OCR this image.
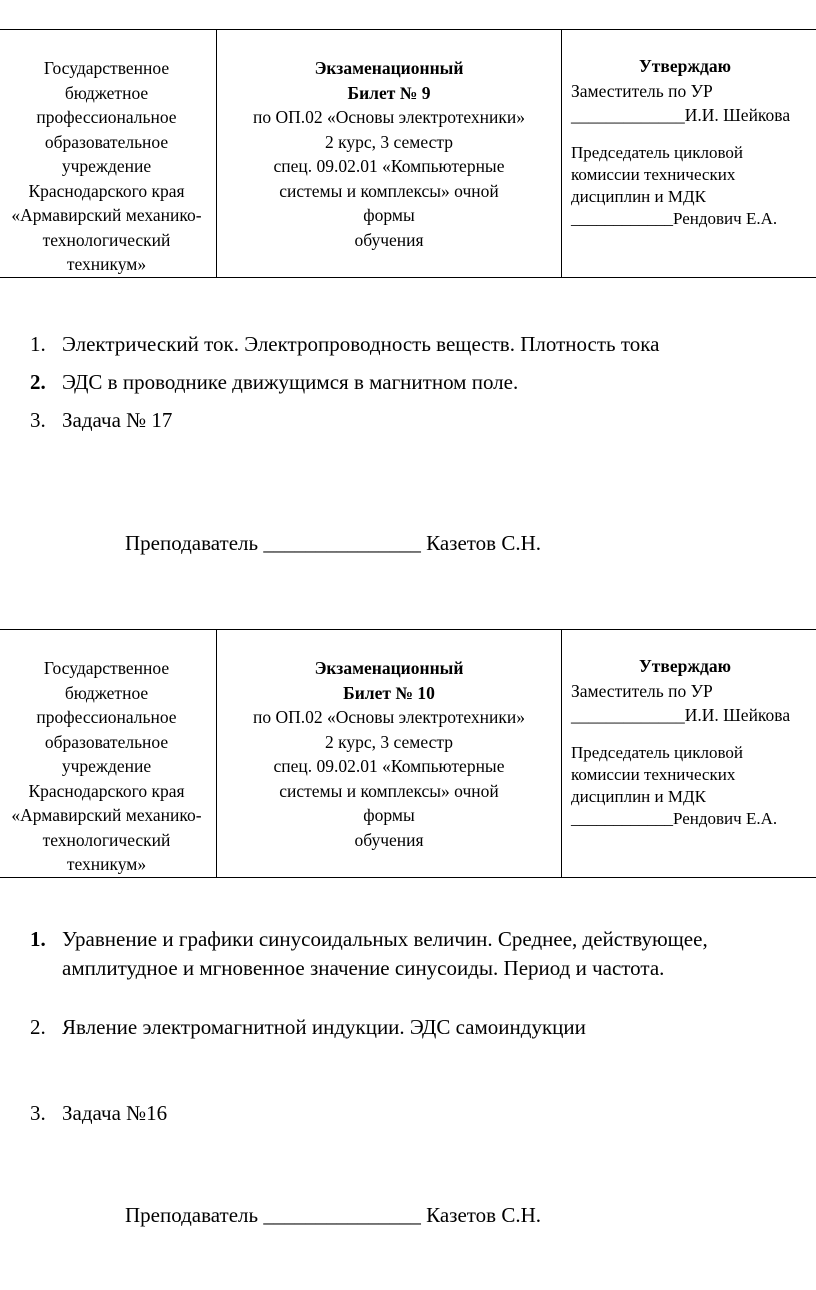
Государственное
бюджетное
профессиональное
образовательное
учреждение
Краснодарского края
«Армавирский механико-
технологический
техникум»

Экзаменационный
Билет № 9
по ОП.02 «Основы электротехники»
2 курс, 3 семестр
спец. 09.02.01 «Компьютерные
системы и комплексы» очной
формы
обучения

Утверждаю
Заместитель по УР
_____________И.И. Шейкова
Председатель цикловой
комиссии технических
дисциплин и МДК
____________Рендович Е.А.
1. Электрический ток. Электропроводность веществ. Плотность тока
2. ЭДС в проводнике движущимся в магнитном поле.
3. Задача № 17
Преподаватель _______________ Казетов С.Н.
Государственное
бюджетное
профессиональное
образовательное
учреждение
Краснодарского края
«Армавирский механико-
технологический
техникум»

Экзаменационный
Билет № 10
по ОП.02 «Основы электротехники»
2 курс, 3 семестр
спец. 09.02.01 «Компьютерные
системы и комплексы» очной
формы
обучения

Утверждаю
Заместитель по УР
_____________И.И. Шейкова
Председатель цикловой
комиссии технических
дисциплин и МДК
____________Рендович Е.А.
1. Уравнение и графики синусоидальных величин. Среднее, действующее, амплитудное и мгновенное значение синусоиды. Период и частота.
2. Явление электромагнитной индукции. ЭДС самоиндукции
3. Задача №16
Преподаватель _______________ Казетов С.Н.
